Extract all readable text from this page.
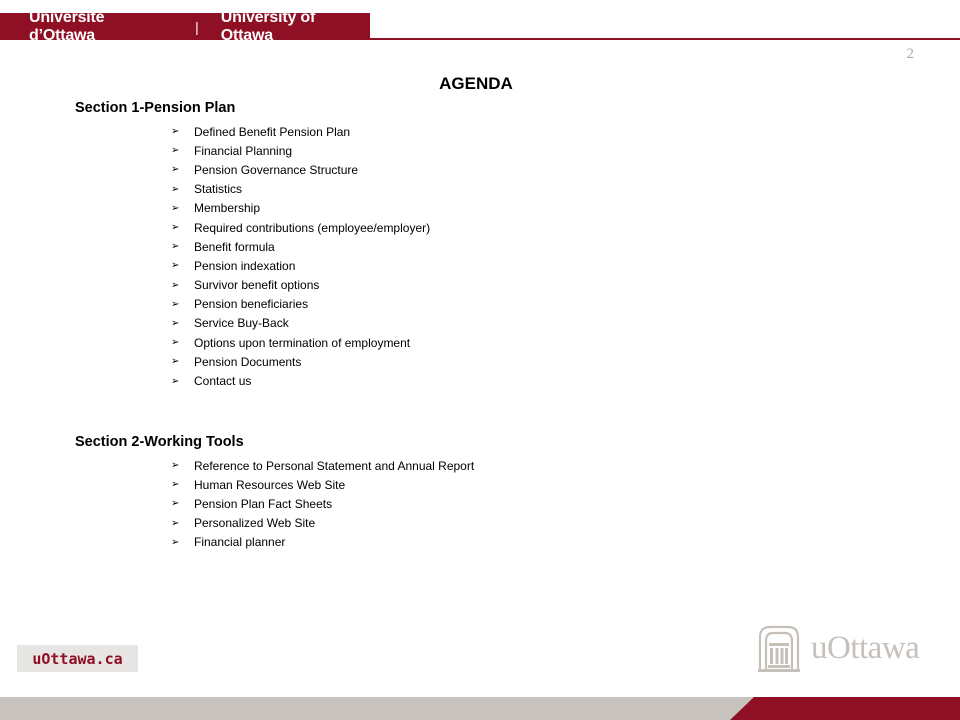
Université d’Ottawa	|
University of Ottawa
2
AGENDA
Section 1-Pension Plan
➢	Defined Benefit Pension Plan
➢	Financial Planning
➢	Pension Governance Structure
➢	Statistics
➢	Membership
➢	Required contributions (employee/employer)
➢	Benefit formula
➢	Pension indexation
➢	Survivor benefit options
➢	Pension beneficiaries
➢	Service Buy-Back
➢	Options upon termination of employment
➢	Pension Documents
➢	Contact us
Section 2-Working Tools
➢	Reference to Personal Statement and Annual Report
➢	Human Resources Web Site
➢	Pension Plan Fact Sheets
➢	Personalized Web Site
➢	Financial planner
uOttawa.ca	uOttawa
